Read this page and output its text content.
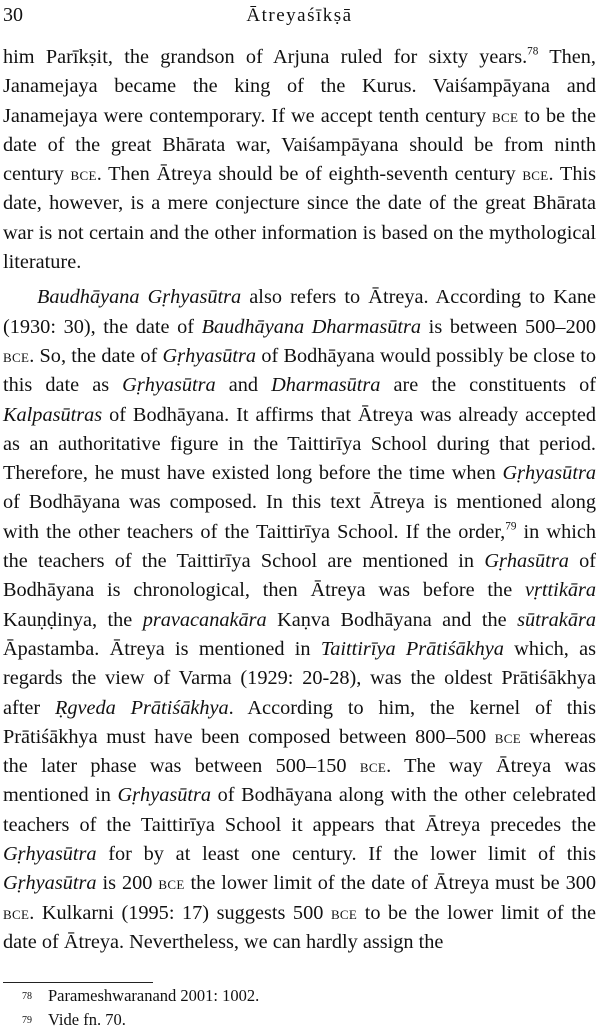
30	Ātreyaśīkṣā

him Parīkṣit, the grandson of Arjuna ruled for sixty years.$^{78}$ Then, Janamejaya became the king of the Kurus. Vaiśampāyana and Janamejaya were contemporary. If we accept tenth century bce to be the date of the great Bhārata war, Vaiśampāyana should be from ninth century bce. Then Ātreya should be of eighth-seventh century bce. This date, however, is a mere conjecture since the date of the great Bhārata war is not certain and the other information is based on the mythological literature.

Baudhāyana Gṛhyasūtra also refers to Ātreya. According to Kane (1930: 30), the date of Baudhāyana Dharmasūtra is between 500–200 bce. So, the date of Gṛhyasūtra of Bodhāyana would possibly be close to this date as Gṛhyasūtra and Dharmasūtra are the constituents of Kalpasūtras of Bodhāyana. It affirms that Ātreya was already accepted as an authoritative figure in the Taittirīya School during that period. Therefore, he must have existed long before the time when Gṛhyasūtra of Bodhāyana was composed. In this text Ātreya is mentioned along with the other teachers of the Taittirīya School. If the order,$^{79}$ in which the teachers of the Taittirīya School are mentioned in Gṛhasūtra of Bodhāyana is chronological, then Ātreya was before the vṛttikāra Kauṇḍinya, the pravacanakāra Kaṇva Bodhāyana and the sūtrakāra Āpastamba. Ātreya is mentioned in Taittirīya Prātiśākhya which, as regards the view of Varma (1929: 20-28), was the oldest Prātiśākhya after Ṛgveda Prātiśākhya. According to him, the kernel of this Prātiśākhya must have been composed between 800–500 bce whereas the later phase was between 500–150 bce. The way Ātreya was mentioned in Gṛhyasūtra of Bodhāyana along with the other celebrated teachers of the Taittirīya School it appears that Ātreya precedes the Gṛhyasūtra for by at least one century. If the lower limit of this Gṛhyasūtra is 200 bce the lower limit of the date of Ātreya must be 300 bce. Kulkarni (1995: 17) suggests 500 bce to be the lower limit of the date of Ātreya. Nevertheless, we can hardly assign the

78 Parameshwaranand 2001: 1002.
79 Vide fn. 70.
